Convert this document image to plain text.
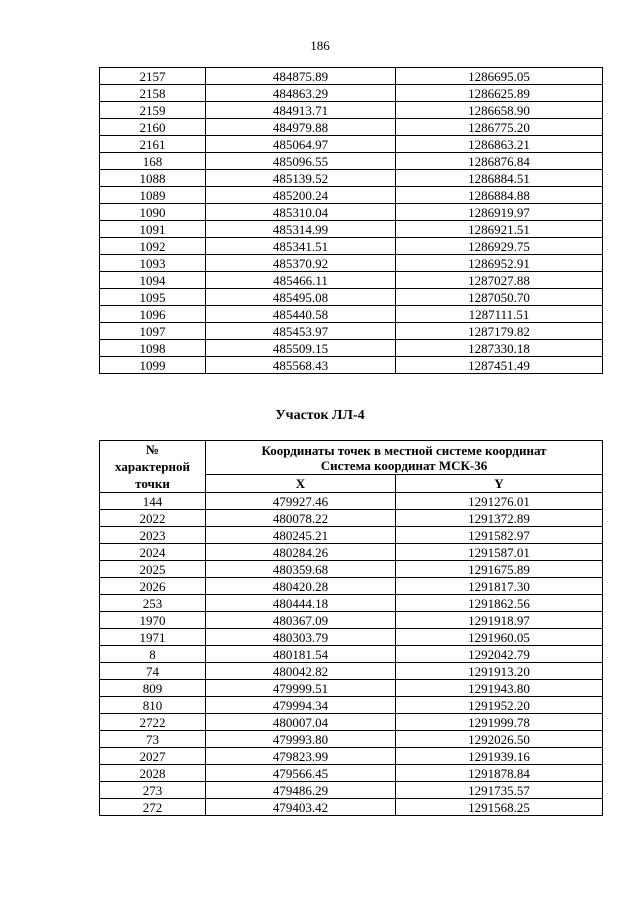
186
2157	484875.89	1286695.05
2158	484863.29	1286625.89
2159	484913.71	1286658.90
2160	484979.88	1286775.20
2161	485064.97	1286863.21
168	485096.55	1286876.84
1088	485139.52	1286884.51
1089	485200.24	1286884.88
1090	485310.04	1286919.97
1091	485314.99	1286921.51
1092	485341.51	1286929.75
1093	485370.92	1286952.91
1094	485466.11	1287027.88
1095	485495.08	1287050.70
1096	485440.58	1287111.51
1097	485453.97	1287179.82
1098	485509.15	1287330.18
1099	485568.43	1287451.49
Участок ЛЛ-4
№
характерной
точки	Координаты точек в местной системе координат
Система координат МСК-36	
	X	Y
144	479927.46	1291276.01
2022	480078.22	1291372.89
2023	480245.21	1291582.97
2024	480284.26	1291587.01
2025	480359.68	1291675.89
2026	480420.28	1291817.30
253	480444.18	1291862.56
1970	480367.09	1291918.97
1971	480303.79	1291960.05
8	480181.54	1292042.79
74	480042.82	1291913.20
809	479999.51	1291943.80
810	479994.34	1291952.20
2722	480007.04	1291999.78
73	479993.80	1292026.50
2027	479823.99	1291939.16
2028	479566.45	1291878.84
273	479486.29	1291735.57
272	479403.42	1291568.25
